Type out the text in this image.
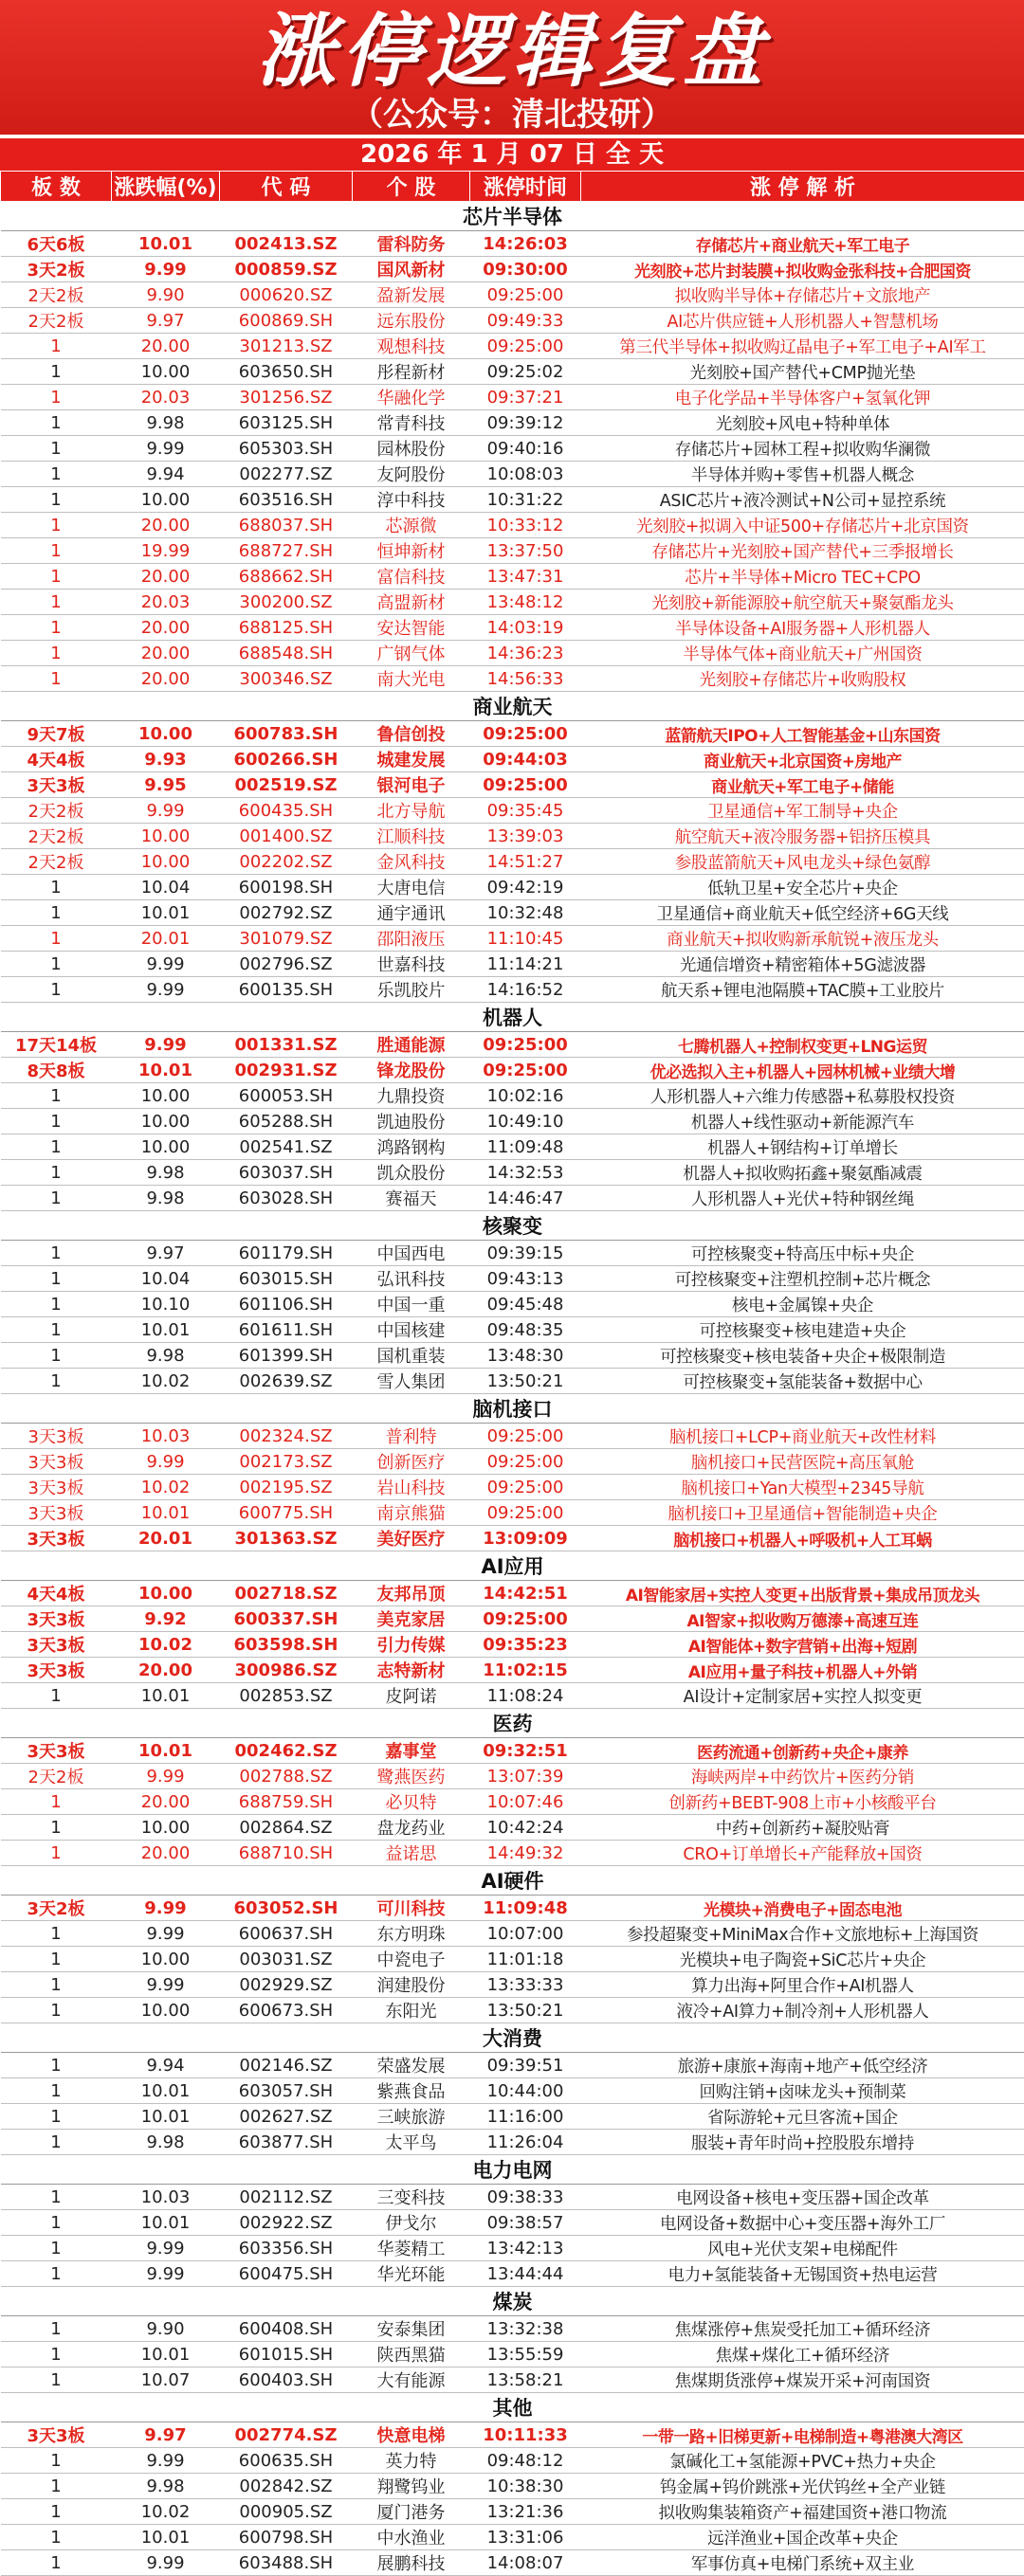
涨停逻辑复盘
（公众号：清北投研）
2026 年 1 月 07 日 全 天
板 数	涨跌幅(%)	代 码	个 股	涨停时间	涨 停 解 析
芯片半导体					
6天6板	10.01	002413.SZ	雷科防务	14:26:03	存储芯片+商业航天+军工电子
3天2板	9.99	000859.SZ	国风新材	09:30:00	光刻胶+芯片封装膜+拟收购金张科技+合肥国资
2天2板	9.90	000620.SZ	盈新发展	09:25:00	拟收购半导体+存储芯片+文旅地产
2天2板	9.97	600869.SH	远东股份	09:49:33	AI芯片供应链+人形机器人+智慧机场
1	20.00	301213.SZ	观想科技	09:25:00	第三代半导体+拟收购辽晶电子+军工电子+AI军工
1	10.00	603650.SH	彤程新材	09:25:02	光刻胶+国产替代+CMP抛光垫
1	20.03	301256.SZ	华融化学	09:37:21	电子化学品+半导体客户+氢氧化钾
1	9.98	603125.SH	常青科技	09:39:12	光刻胶+风电+特种单体
1	9.99	605303.SH	园林股份	09:40:16	存储芯片+园林工程+拟收购华澜微
1	9.94	002277.SZ	友阿股份	10:08:03	半导体并购+零售+机器人概念
1	10.00	603516.SH	淳中科技	10:31:22	ASIC芯片+液冷测试+N公司+显控系统
1	20.00	688037.SH	芯源微	10:33:12	光刻胶+拟调入中证500+存储芯片+北京国资
1	19.99	688727.SH	恒坤新材	13:37:50	存储芯片+光刻胶+国产替代+三季报增长
1	20.00	688662.SH	富信科技	13:47:31	芯片+半导体+Micro TEC+CPO
1	20.03	300200.SZ	高盟新材	13:48:12	光刻胶+新能源胶+航空航天+聚氨酯龙头
1	20.00	688125.SH	安达智能	14:03:19	半导体设备+AI服务器+人形机器人
1	20.00	688548.SH	广钢气体	14:36:23	半导体气体+商业航天+广州国资
1	20.00	300346.SZ	南大光电	14:56:33	光刻胶+存储芯片+收购股权
商业航天					
9天7板	10.00	600783.SH	鲁信创投	09:25:00	蓝箭航天IPO+人工智能基金+山东国资
4天4板	9.93	600266.SH	城建发展	09:44:03	商业航天+北京国资+房地产
3天3板	9.95	002519.SZ	银河电子	09:25:00	商业航天+军工电子+储能
2天2板	9.99	600435.SH	北方导航	09:35:45	卫星通信+军工制导+央企
2天2板	10.00	001400.SZ	江顺科技	13:39:03	航空航天+液冷服务器+铝挤压模具
2天2板	10.00	002202.SZ	金风科技	14:51:27	参股蓝箭航天+风电龙头+绿色氨醇
1	10.04	600198.SH	大唐电信	09:42:19	低轨卫星+安全芯片+央企
1	10.01	002792.SZ	通宇通讯	10:32:48	卫星通信+商业航天+低空经济+6G天线
1	20.01	301079.SZ	邵阳液压	11:10:45	商业航天+拟收购新承航锐+液压龙头
1	9.99	002796.SZ	世嘉科技	11:14:21	光通信增资+精密箱体+5G滤波器
1	9.99	600135.SH	乐凯胶片	14:16:52	航天系+锂电池隔膜+TAC膜+工业胶片
机器人					
17天14板	9.99	001331.SZ	胜通能源	09:25:00	七腾机器人+控制权变更+LNG运贸
8天8板	10.01	002931.SZ	锋龙股份	09:25:00	优必选拟入主+机器人+园林机械+业绩大增
1	10.00	600053.SH	九鼎投资	10:02:16	人形机器人+六维力传感器+私募股权投资
1	10.00	605288.SH	凯迪股份	10:49:10	机器人+线性驱动+新能源汽车
1	10.00	002541.SZ	鸿路钢构	11:09:48	机器人+钢结构+订单增长
1	9.98	603037.SH	凯众股份	14:32:53	机器人+拟收购拓鑫+聚氨酯减震
1	9.98	603028.SH	赛福天	14:46:47	人形机器人+光伏+特种钢丝绳
核聚变					
1	9.97	601179.SH	中国西电	09:39:15	可控核聚变+特高压中标+央企
1	10.04	603015.SH	弘讯科技	09:43:13	可控核聚变+注塑机控制+芯片概念
1	10.10	601106.SH	中国一重	09:45:48	核电+金属镍+央企
1	10.01	601611.SH	中国核建	09:48:35	可控核聚变+核电建造+央企
1	9.98	601399.SH	国机重装	13:48:30	可控核聚变+核电装备+央企+极限制造
1	10.02	002639.SZ	雪人集团	13:50:21	可控核聚变+氢能装备+数据中心
脑机接口					
3天3板	10.03	002324.SZ	普利特	09:25:00	脑机接口+LCP+商业航天+改性材料
3天3板	9.99	002173.SZ	创新医疗	09:25:00	脑机接口+民营医院+高压氧舱
3天3板	10.02	002195.SZ	岩山科技	09:25:00	脑机接口+Yan大模型+2345导航
3天3板	10.01	600775.SH	南京熊猫	09:25:00	脑机接口+卫星通信+智能制造+央企
3天3板	20.01	301363.SZ	美好医疗	13:09:09	脑机接口+机器人+呼吸机+人工耳蜗
AI应用					
4天4板	10.00	002718.SZ	友邦吊顶	14:42:51	AI智能家居+实控人变更+出版背景+集成吊顶龙头
3天3板	9.92	600337.SH	美克家居	09:25:00	AI智家+拟收购万德溙+高速互连
3天3板	10.02	603598.SH	引力传媒	09:35:23	AI智能体+数字营销+出海+短剧
3天3板	20.00	300986.SZ	志特新材	11:02:15	AI应用+量子科技+机器人+外销
1	10.01	002853.SZ	皮阿诺	11:08:24	AI设计+定制家居+实控人拟变更
医药					
3天3板	10.01	002462.SZ	嘉事堂	09:32:51	医药流通+创新药+央企+康养
2天2板	9.99	002788.SZ	鹭燕医药	13:07:39	海峡两岸+中药饮片+医药分销
1	20.00	688759.SH	必贝特	10:07:46	创新药+BEBT-908上市+小核酸平台
1	10.00	002864.SZ	盘龙药业	10:42:24	中药+创新药+凝胶贴膏
1	20.00	688710.SH	益诺思	14:49:32	CRO+订单增长+产能释放+国资
AI硬件					
3天2板	9.99	603052.SH	可川科技	11:09:48	光模块+消费电子+固态电池
1	9.99	600637.SH	东方明珠	10:07:00	参投超聚变+MiniMax合作+文旅地标+上海国资
1	10.00	003031.SZ	中瓷电子	11:01:18	光模块+电子陶瓷+SiC芯片+央企
1	9.99	002929.SZ	润建股份	13:33:33	算力出海+阿里合作+AI机器人
1	10.00	600673.SH	东阳光	13:50:21	液冷+AI算力+制冷剂+人形机器人
大消费					
1	9.94	002146.SZ	荣盛发展	09:39:51	旅游+康旅+海南+地产+低空经济
1	10.01	603057.SH	紫燕食品	10:44:00	回购注销+卤味龙头+预制菜
1	10.01	002627.SZ	三峡旅游	11:16:00	省际游轮+元旦客流+国企
1	9.98	603877.SH	太平鸟	11:26:04	服装+青年时尚+控股股东增持
电力电网					
1	10.03	002112.SZ	三变科技	09:38:33	电网设备+核电+变压器+国企改革
1	10.01	002922.SZ	伊戈尔	09:38:57	电网设备+数据中心+变压器+海外工厂
1	9.99	603356.SH	华菱精工	13:42:13	风电+光伏支架+电梯配件
1	9.99	600475.SH	华光环能	13:44:44	电力+氢能装备+无锡国资+热电运营
煤炭					
1	9.90	600408.SH	安泰集团	13:32:38	焦煤涨停+焦炭受托加工+循环经济
1	10.01	601015.SH	陕西黑猫	13:55:59	焦煤+煤化工+循环经济
1	10.07	600403.SH	大有能源	13:58:21	焦煤期货涨停+煤炭开采+河南国资
其他					
3天3板	9.97	002774.SZ	快意电梯	10:11:33	一带一路+旧梯更新+电梯制造+粤港澳大湾区
1	9.99	600635.SH	英力特	09:48:12	氯碱化工+氢能源+PVC+热力+央企
1	9.98	002842.SZ	翔鹭钨业	10:38:30	钨金属+钨价跳涨+光伏钨丝+全产业链
1	10.02	000905.SZ	厦门港务	13:21:36	拟收购集装箱资产+福建国资+港口物流
1	10.01	600798.SH	中水渔业	13:31:06	远洋渔业+国企改革+央企
1	9.99	603488.SH	展鹏科技	14:08:07	军事仿真+电梯门系统+双主业
